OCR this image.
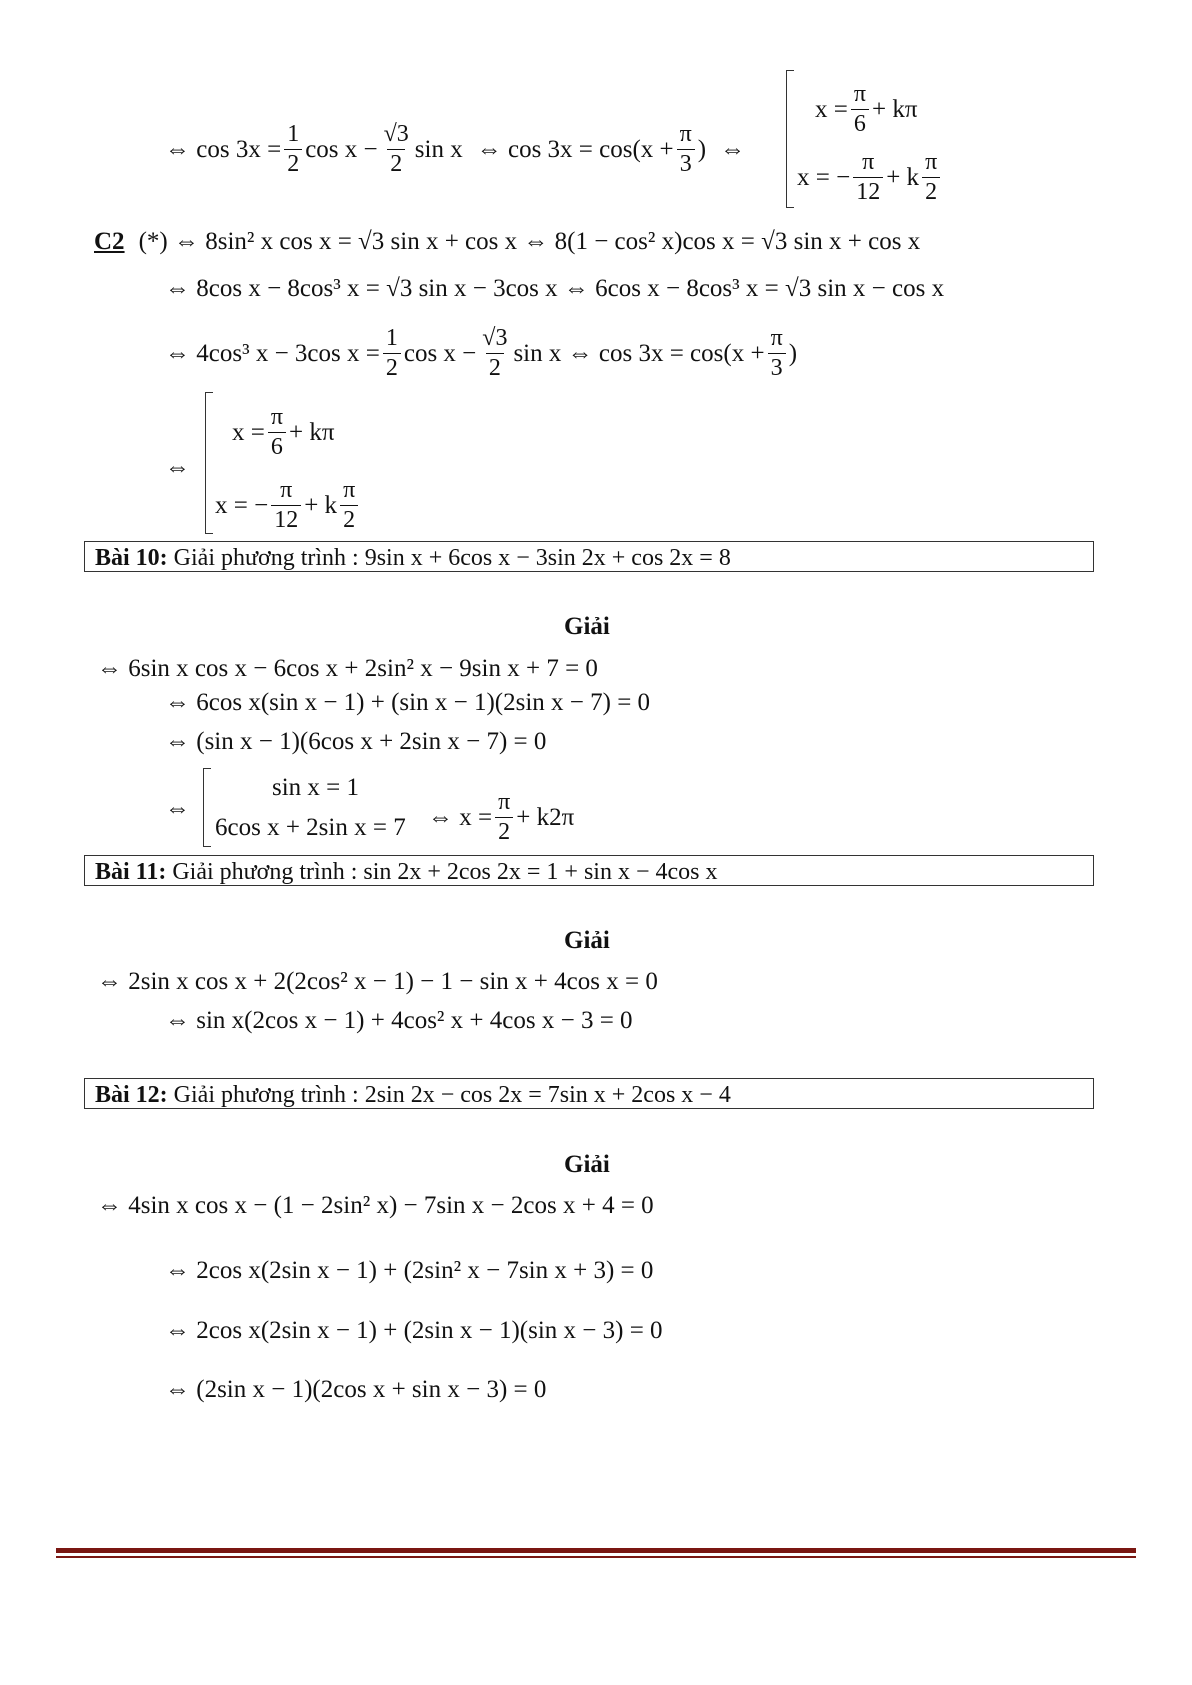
⇔ $\cos 3x = \frac{1}{2}$ $\cos x - \frac{√3}{2}$ sin x ⇔ $\cos 3x = \cos(x + \frac{\pi}{3}$ ) ⇔
$x = \frac{\pi}{6} + k\pi$
x = − $\frac{\pi}{12} + k \frac{\pi}{2}$
C2 (*) ⇔ 8sin² x cos x = √3 sin x + cos x ⇔ 8(1 − cos² x)cos x = √3 sin x + cos x
⇔ 8cos x − 8cos³ x = √3 sin x − 3cos x ⇔ 6cos x − 8cos³ x = √3 sin x − cos x
⇔ 4cos³ x − 3cos $x = \frac{1}{2}$ $\cos x - \frac{√3}{2}$ sin x ⇔ $\cos 3x = \cos(x + \frac{\pi}{3}$ )
⇔
$x = \frac{\pi}{6} + k\pi$
x = − $\frac{\pi}{12} + k \frac{\pi}{2}$
Bài 10:
Giải phương trình :
9sin x + 6cos x − 3sin 2x + cos 2x = 8
Giải
⇔ 6sin x cos x − 6cos x + 2sin² x − 9sin x + 7 = 0
⇔ 6cos x(sin x − 1) + (sin x − 1)(2sin x − 7) = 0
⇔ (sin x − 1)(6cos x + 2sin x − 7) = 0
⇔
sin x = 1
6cos x + 2sin x = 7 ⇔ $x = \frac{\pi}{2} + k2\pi$
Bài 11:
Giải phương trình :
sin 2x + 2cos 2x = 1 + sin x − 4cos x
Giải
⇔ 2sin x cos x + 2(2cos² x − 1) − 1 − sin x + 4cos x = 0
⇔ sin x(2cos x − 1) + 4cos² x + 4cos x − 3 = 0
Bài 12:
Giải phương trình :
2sin 2x − cos 2x = 7sin x + 2cos x − 4
Giải
⇔ 4sin x cos x − (1 − 2sin² x) − 7sin x − 2cos x + 4 = 0
⇔ 2cos x(2sin x − 1) + (2sin² x − 7sin x + 3) = 0
⇔ 2cos x(2sin x − 1) + (2sin x − 1)(sin x − 3) = 0
⇔ (2sin x − 1)(2cos x + sin x − 3) = 0
